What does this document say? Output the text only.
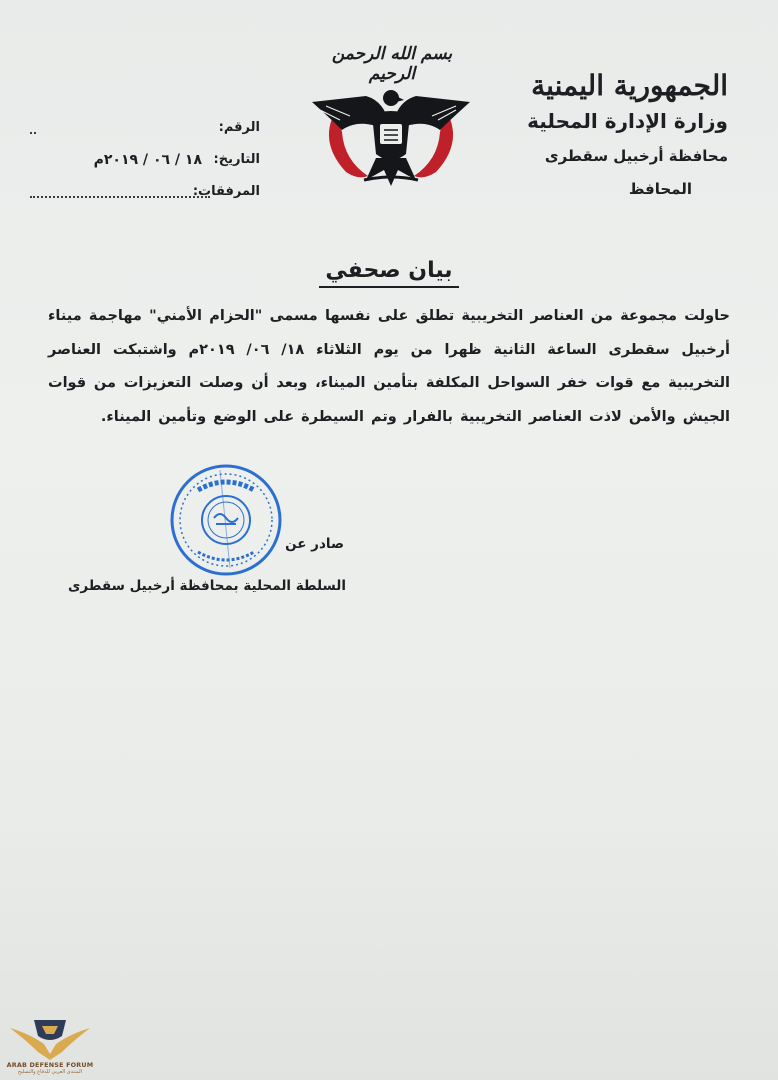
الجمهورية اليمنية
وزارة الإدارة المحلية
محافظة أرخبيل سقطرى
المحافظ
بسم الله الرحمن الرحيم
الرقم:
التاريخ:
١٨ / ٠٦ / ٢٠١٩م
المرفقات:
بيان صحفي
حاولت مجموعة من العناصر التخريبية تطلق على نفسها مسمى "الحزام الأمني" مهاجمة ميناء أرخبيل سقطرى الساعة الثانية ظهرا من يوم الثلاثاء ١٨/ ٠٦/ ٢٠١٩م واشتبكت العناصر التخريبية مع قوات خفر السواحل المكلفة بتأمين الميناء، وبعد أن وصلت التعزيزات من قوات الجيش والأمن لاذت العناصر التخريبية بالفرار وتم السيطرة على الوضع وتأمين الميناء.
صادر عن
السلطة المحلية بمحافظة أرخبيل سقطرى
ARAB DEFENSE FORUM
المنتدى العربي للدفاع والتسليح
